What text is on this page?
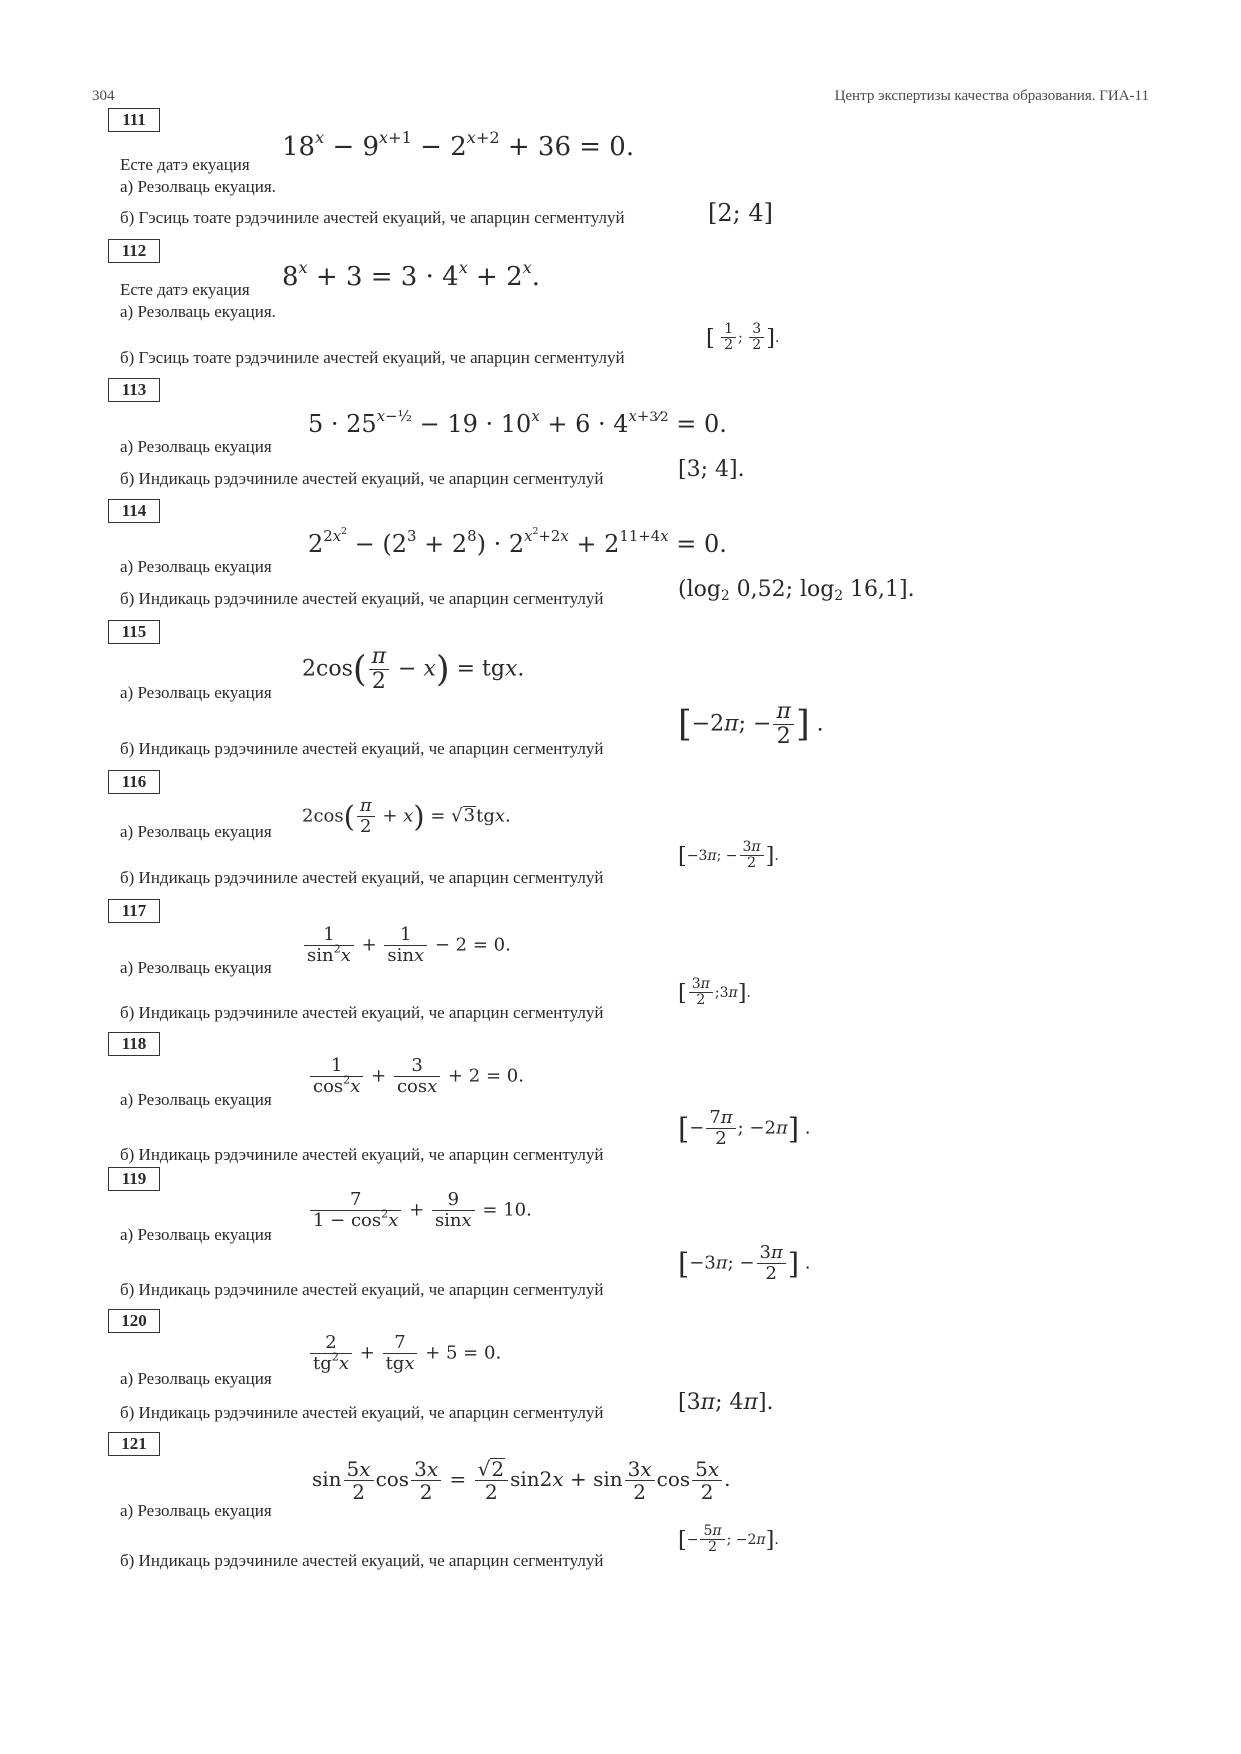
304	Центр экспертизы качества образования. ГИА-11
111
Есте датэ екуация
$18^x - 9^{x+1} - 2^{x+2} + 36 = 0$.
а) Резолваць екуация.
б) Гэсиць тоате рэдэчиниле ачестей екуаций, че апарцин сегментулуй	[2; 4]
112
Есте датэ екуация $8^x + 3 = 3 \cdot 4^x + 2^x$.
а) Резолваць екуация.
б) Гэсиць тоате рэдэчиниле ачестей екуаций, че апарцин сегментулуй
[ $\frac{1}{2}$ ; $\frac{3}{2}$ ].
113
$5 \cdot 25^{x-\frac{1}{2}} - 19 \cdot 10^x + 6 \cdot 4^{x+3⁄2} = 0$.
а) Резолваць екуация
б) Индикаць рэдэчиниле ачестей екуаций, че апарцин сегментулуй	[3; 4].
114
$2^{2x^2} - (2^3 + 2^8) \cdot 2^{x^2+2x} + 2^{11+4x} = 0$.
а) Резолваць екуация
б) Индикаць рэдэчиниле ачестей екуаций, че апарцин сегментулуй	($\log_2$ 0,52; $\log_2 16,1$].
115
$2\cos( \frac{\pi}{2} - x)$ = tgx.
а) Резолваць екуация
б) Индикаць рэдэчиниле ачестей екуаций, че апарцин сегментулуй
[−2π; − $\frac{\pi}{2}$ ] .
116
$2\cos( \frac{\pi}{2} + x) = √3tgx$.
а) Резолваць екуация
б) Индикаць рэдэчиниле ачестей екуаций, че апарцин сегментулуй
[−3π; − $\frac{3\pi}{2}$ ].
117
$\frac{1}{\sin^2x} + \frac{1}{\sin x} - 2 = 0$.
а) Резолваць екуация
б) Индикаць рэдэчиниле ачестей екуаций, че апарцин сегментулуй
[ $\frac{3\pi}{2}$ ;3π].
118
$\frac{1}{\cos^2x} + \frac{3}{\cos x} + 2 = 0$.
а) Резолваць екуация
б) Индикаць рэдэчиниле ачестей екуаций, че апарцин сегментулуй
[− $\frac{7\pi}{2}$ ; −2π] .
119
$\frac{7}{1 - \cos^2x} + \frac{9}{\sin x} = 10$.
а) Резолваць екуация
б) Индикаць рэдэчиниле ачестей екуаций, че апарцин сегментулуй
[−3π; − $\frac{3\pi}{2}$ ] .
120
$\frac{2}{tg^2x} + \frac{7}{\text{tgx}} + 5 = 0$.
а) Резолваць екуация
б) Индикаць рэдэчиниле ачестей екуаций, че апарцин сегментулуй	[3π; 4π].
121
$\sin \frac{5x}{2}$ $\cos \frac{3x}{2} = \frac{√2}{2} \sin 2x + \sin \frac{3x}{2}$ $\cos \frac{5x}{2}$ .
а) Резолваць екуация
б) Индикаць рэдэчиниле ачестей екуаций, че апарцин сегментулуй
[− $\frac{5\pi}{2}$ ; −2π].
